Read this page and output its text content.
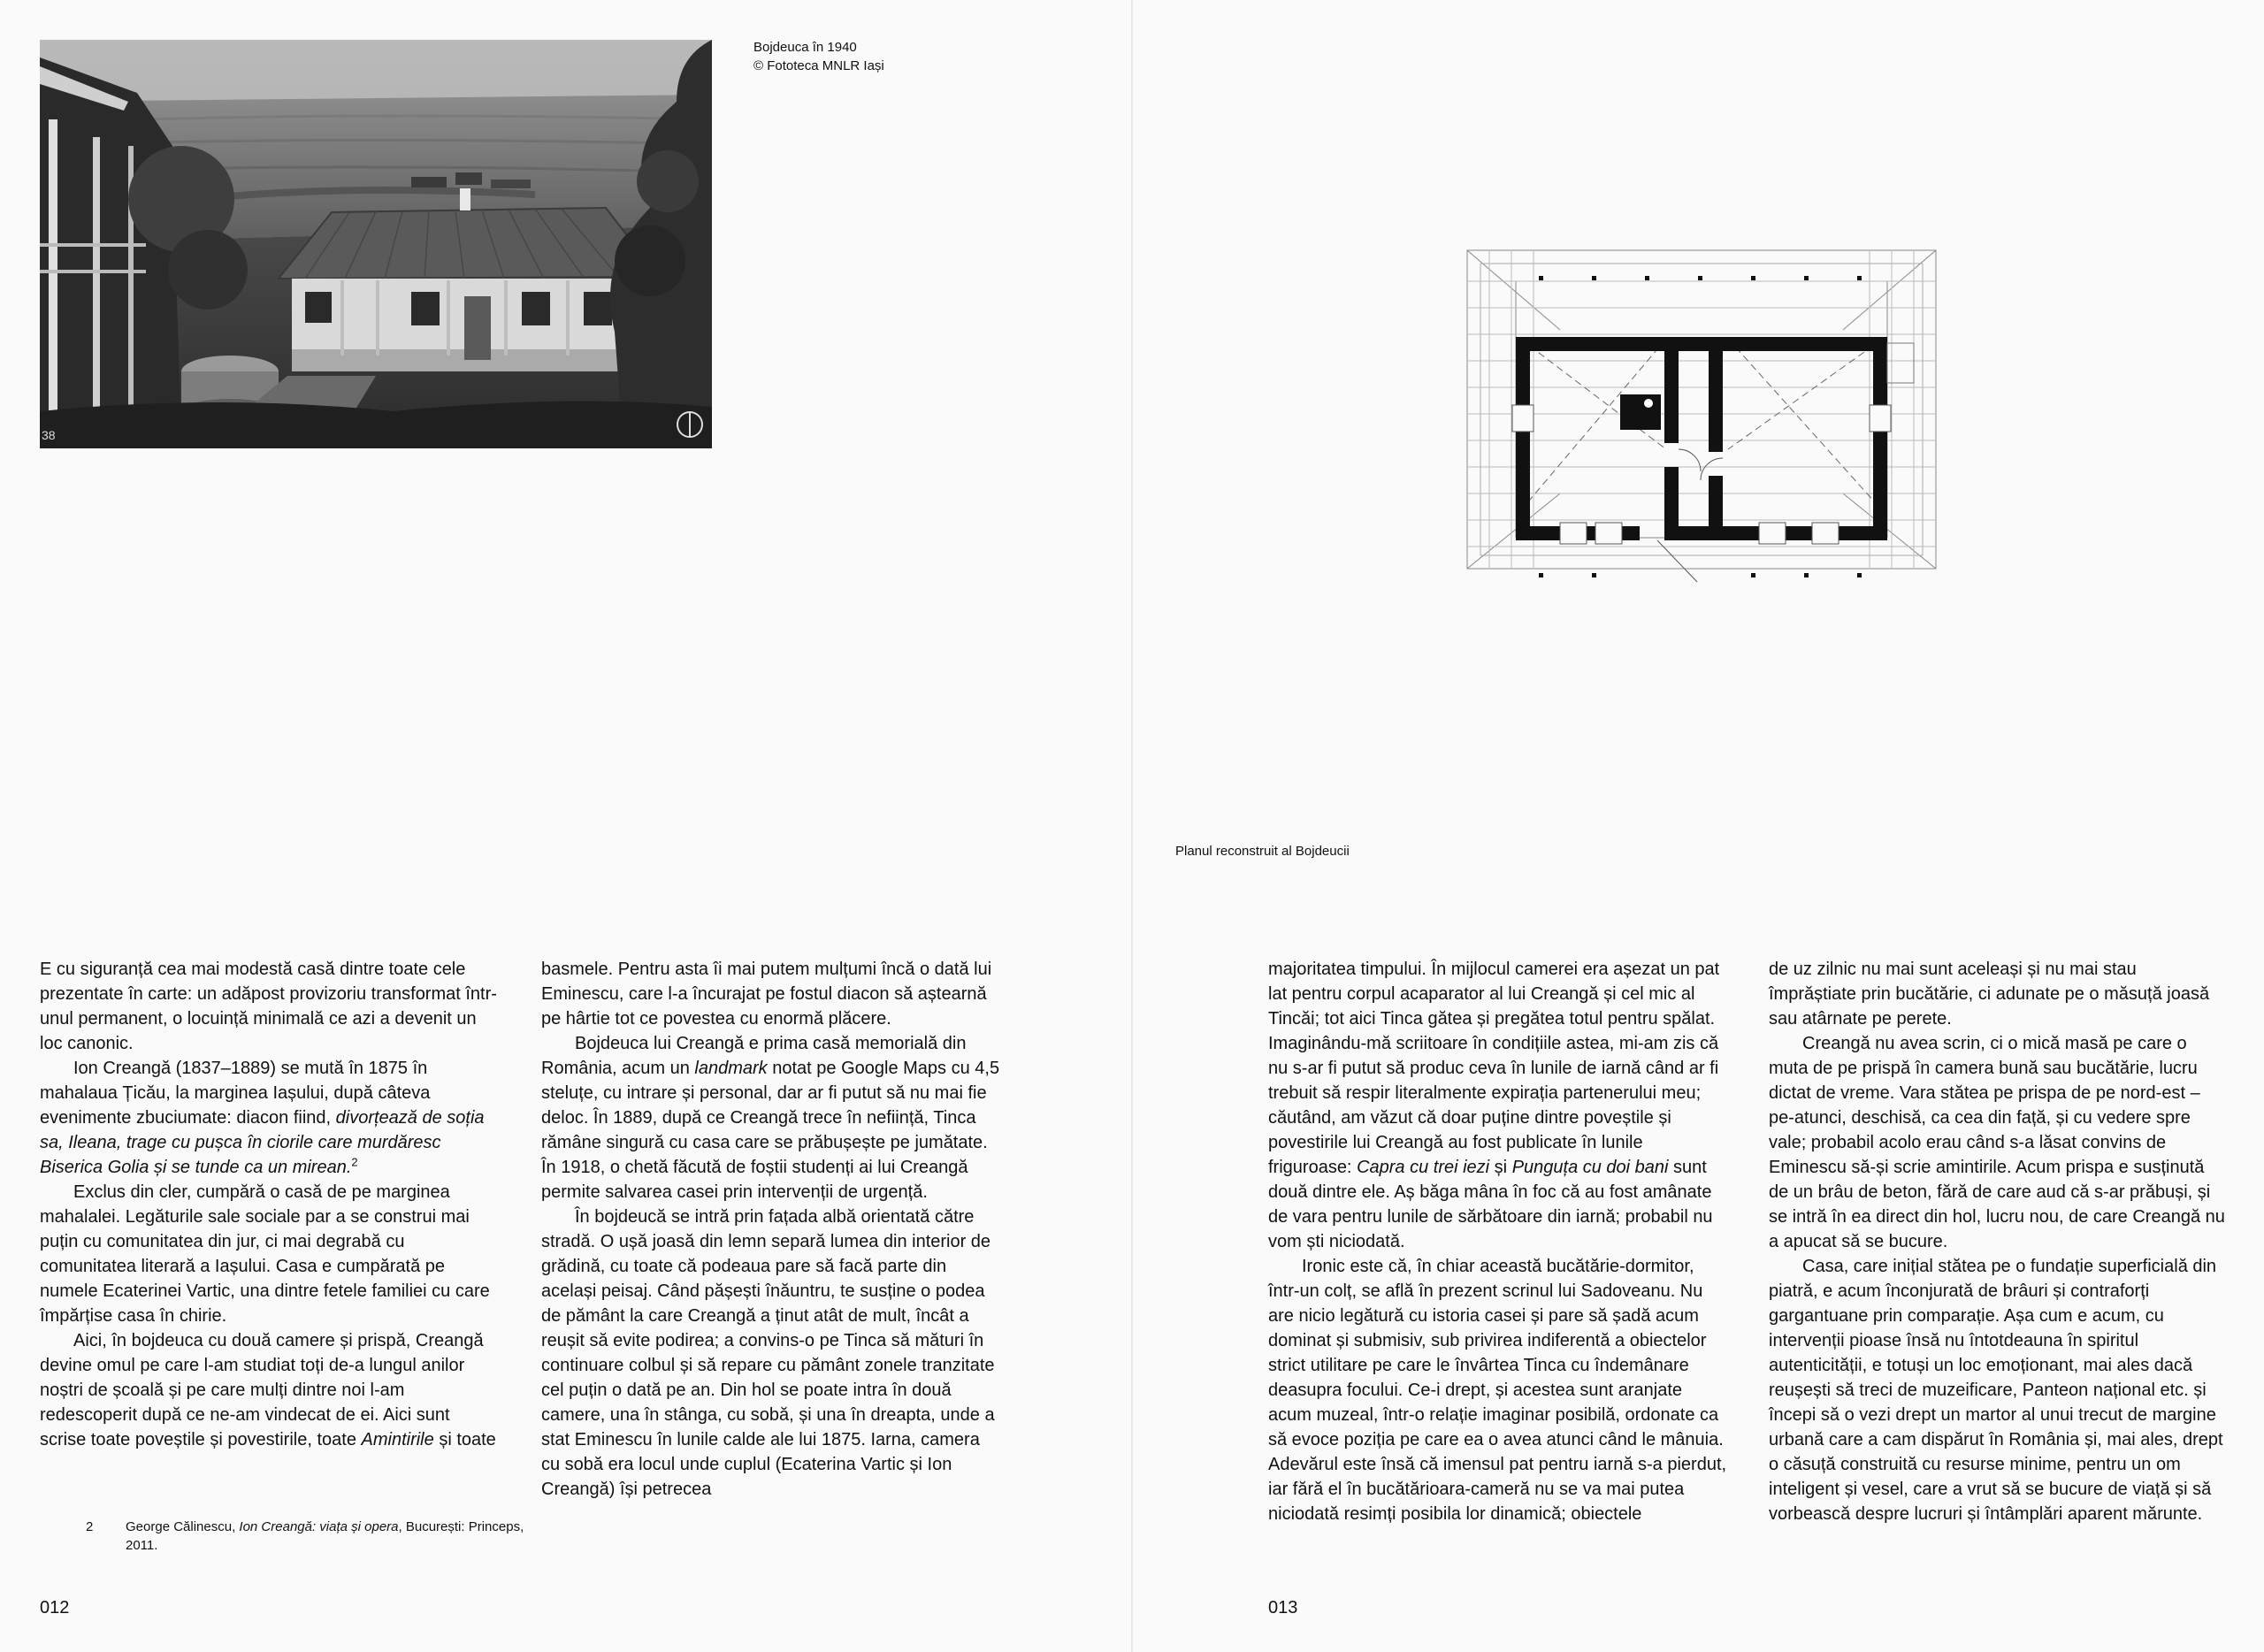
38
Bojdeuca în 1940
© Fototeca MNLR Iași

E cu siguranță cea mai modestă casă dintre toate cele prezentate în carte: un adăpost provizoriu transformat într-unul permanent, o locuință minimală ce azi a devenit un loc canonic.

Ion Creangă (1837–1889) se mută în 1875 în mahalaua Țicău, la marginea Iașului, după câteva evenimente zbuciumate: diacon fiind, divorțează de soția sa, Ileana, trage cu pușca în ciorile care murdăresc Biserica Golia și se tunde ca un mirean.$^2$

Exclus din cler, cumpără o casă de pe marginea mahalalei. Legăturile sale sociale par a se construi mai puțin cu comunitatea din jur, ci mai degrabă cu comunitatea literară a Iașului. Casa e cumpărată pe numele Ecaterinei Vartic, una dintre fetele familiei cu care împărțise casa în chirie.

Aici, în bojdeuca cu două camere și prispă, Creangă devine omul pe care l-am studiat toți de-a lungul anilor noștri de școală și pe care mulți dintre noi l-am redescoperit după ce ne-am vindecat de ei. Aici sunt scrise toate poveștile și povestirile, toate Amintirile și toate

basmele. Pentru asta îi mai putem mulțumi încă o dată lui Eminescu, care l-a încurajat pe fostul diacon să aștearnă pe hârtie tot ce povestea cu enormă plăcere.

Bojdeuca lui Creangă e prima casă memorială din România, acum un landmark notat pe Google Maps cu 4,5 steluțe, cu intrare și personal, dar ar fi putut să nu mai fie deloc. În 1889, după ce Creangă trece în neființă, Tinca rămâne singură cu casa care se prăbușește pe jumătate. În 1918, o chetă făcută de foștii studenți ai lui Creangă permite salvarea casei prin intervenții de urgență.

În bojdeucă se intră prin fațada albă orientată către stradă. O ușă joasă din lemn separă lumea din interior de grădină, cu toate că podeaua pare să facă parte din același peisaj. Când pășești înăuntru, te susține o podea de pământ la care Creangă a ținut atât de mult, încât a reușit să evite podirea; a convins-o pe Tinca să mături în continuare colbul și să repare cu pământ zonele tranzitate cel puțin o dată pe an. Din hol se poate intra în două camere, una în stânga, cu sobă, și una în dreapta, unde a stat Eminescu în lunile calde ale lui 1875. Iarna, camera cu sobă era locul unde cuplul (Ecaterina Vartic și Ion Creangă) își petrecea

2 George Călinescu, Ion Creangă: viața și opera, București: Princeps, 2011.
012
Planul reconstruit al Bojdeucii

majoritatea timpului. În mijlocul camerei era așezat un pat lat pentru corpul acaparator al lui Creangă și cel mic al Tincăi; tot aici Tinca gătea și pregătea totul pentru spălat. Imaginându-mă scriitoare în condițiile astea, mi-am zis că nu s-ar fi putut să produc ceva în lunile de iarnă când ar fi trebuit să respir literalmente expirația partenerului meu; căutând, am văzut că doar puține dintre poveștile și povestirile lui Creangă au fost publicate în lunile friguroase: Capra cu trei iezi și Punguța cu doi bani sunt două dintre ele. Aș băga mâna în foc că au fost amânate de vara pentru lunile de sărbătoare din iarnă; probabil nu vom ști niciodată.

Ironic este că, în chiar această bucătărie-dormitor, într-un colț, se află în prezent scrinul lui Sadoveanu. Nu are nicio legătură cu istoria casei și pare să șadă acum dominat și submisiv, sub privirea indiferentă a obiectelor strict utilitare pe care le învârtea Tinca cu îndemânare deasupra focului. Ce-i drept, și acestea sunt aranjate acum muzeal, într-o relație imaginar posibilă, ordonate ca să evoce poziția pe care ea o avea atunci când le mânuia. Adevărul este însă că imensul pat pentru iarnă s-a pierdut, iar fără el în bucătărioara-cameră nu se va mai putea niciodată resimți posibila lor dinamică; obiectele

de uz zilnic nu mai sunt aceleași și nu mai stau împrăștiate prin bucătărie, ci adunate pe o măsuță joasă sau atârnate pe perete.

Creangă nu avea scrin, ci o mică masă pe care o muta de pe prispă în camera bună sau bucătărie, lucru dictat de vreme. Vara stătea pe prispa de pe nord-est – pe-atunci, deschisă, ca cea din față, și cu vedere spre vale; probabil acolo erau când s-a lăsat convins de Eminescu să-și scrie amintirile. Acum prispa e susținută de un brâu de beton, fără de care aud că s-ar prăbuși, și se intră în ea direct din hol, lucru nou, de care Creangă nu a apucat să se bucure.

Casa, care inițial stătea pe o fundație superficială din piatră, e acum înconjurată de brâuri și contraforți gargantuane prin comparație. Așa cum e acum, cu intervenții pioase însă nu întotdeauna în spiritul autenticității, e totuși un loc emoționant, mai ales dacă reușești să treci de muzeificare, Panteon național etc. și începi să o vezi drept un martor al unui trecut de margine urbană care a cam dispărut în România și, mai ales, drept o căsuță construită cu resurse minime, pentru un om inteligent și vesel, care a vrut să se bucure de viață și să vorbească despre lucruri și întâmplări aparent mărunte.

013
